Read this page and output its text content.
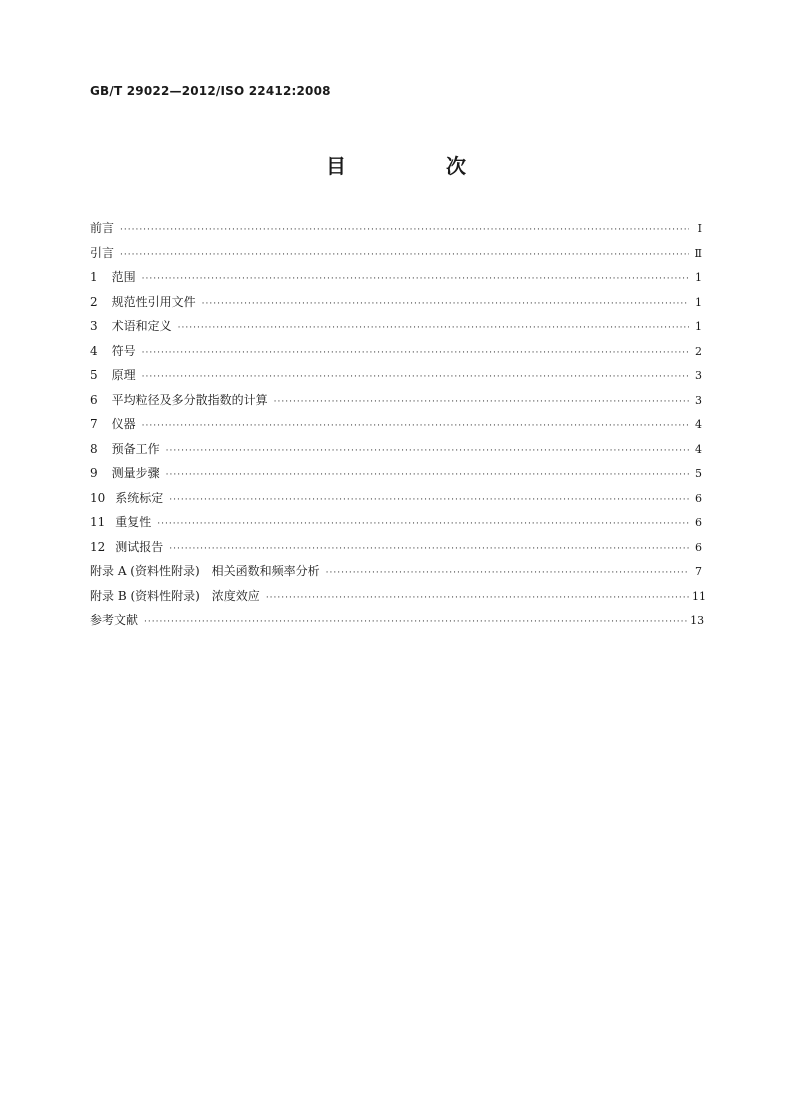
GB/T 29022—2012/ISO 22412:2008
目　次
前言 ·····	Ⅰ
引言 ·····	Ⅱ
1 范围 ·····	1
2 规范性引用文件 ·····	1
3 术语和定义 ·····	1
4 符号 ·····	2
5 原理 ·····	3
6 平均粒径及多分散指数的计算 ·····	3
7 仪器 ·····	4
8 预备工作 ·····	4
9 测量步骤 ·····	5
10 系统标定 ·····	6
11 重复性 ·····	6
12 测试报告 ·····	6
附录 A (资料性附录)　相关函数和频率分析 ·····	7
附录 B (资料性附录)　浓度效应 ·····	11
参考文献 ·····	13
